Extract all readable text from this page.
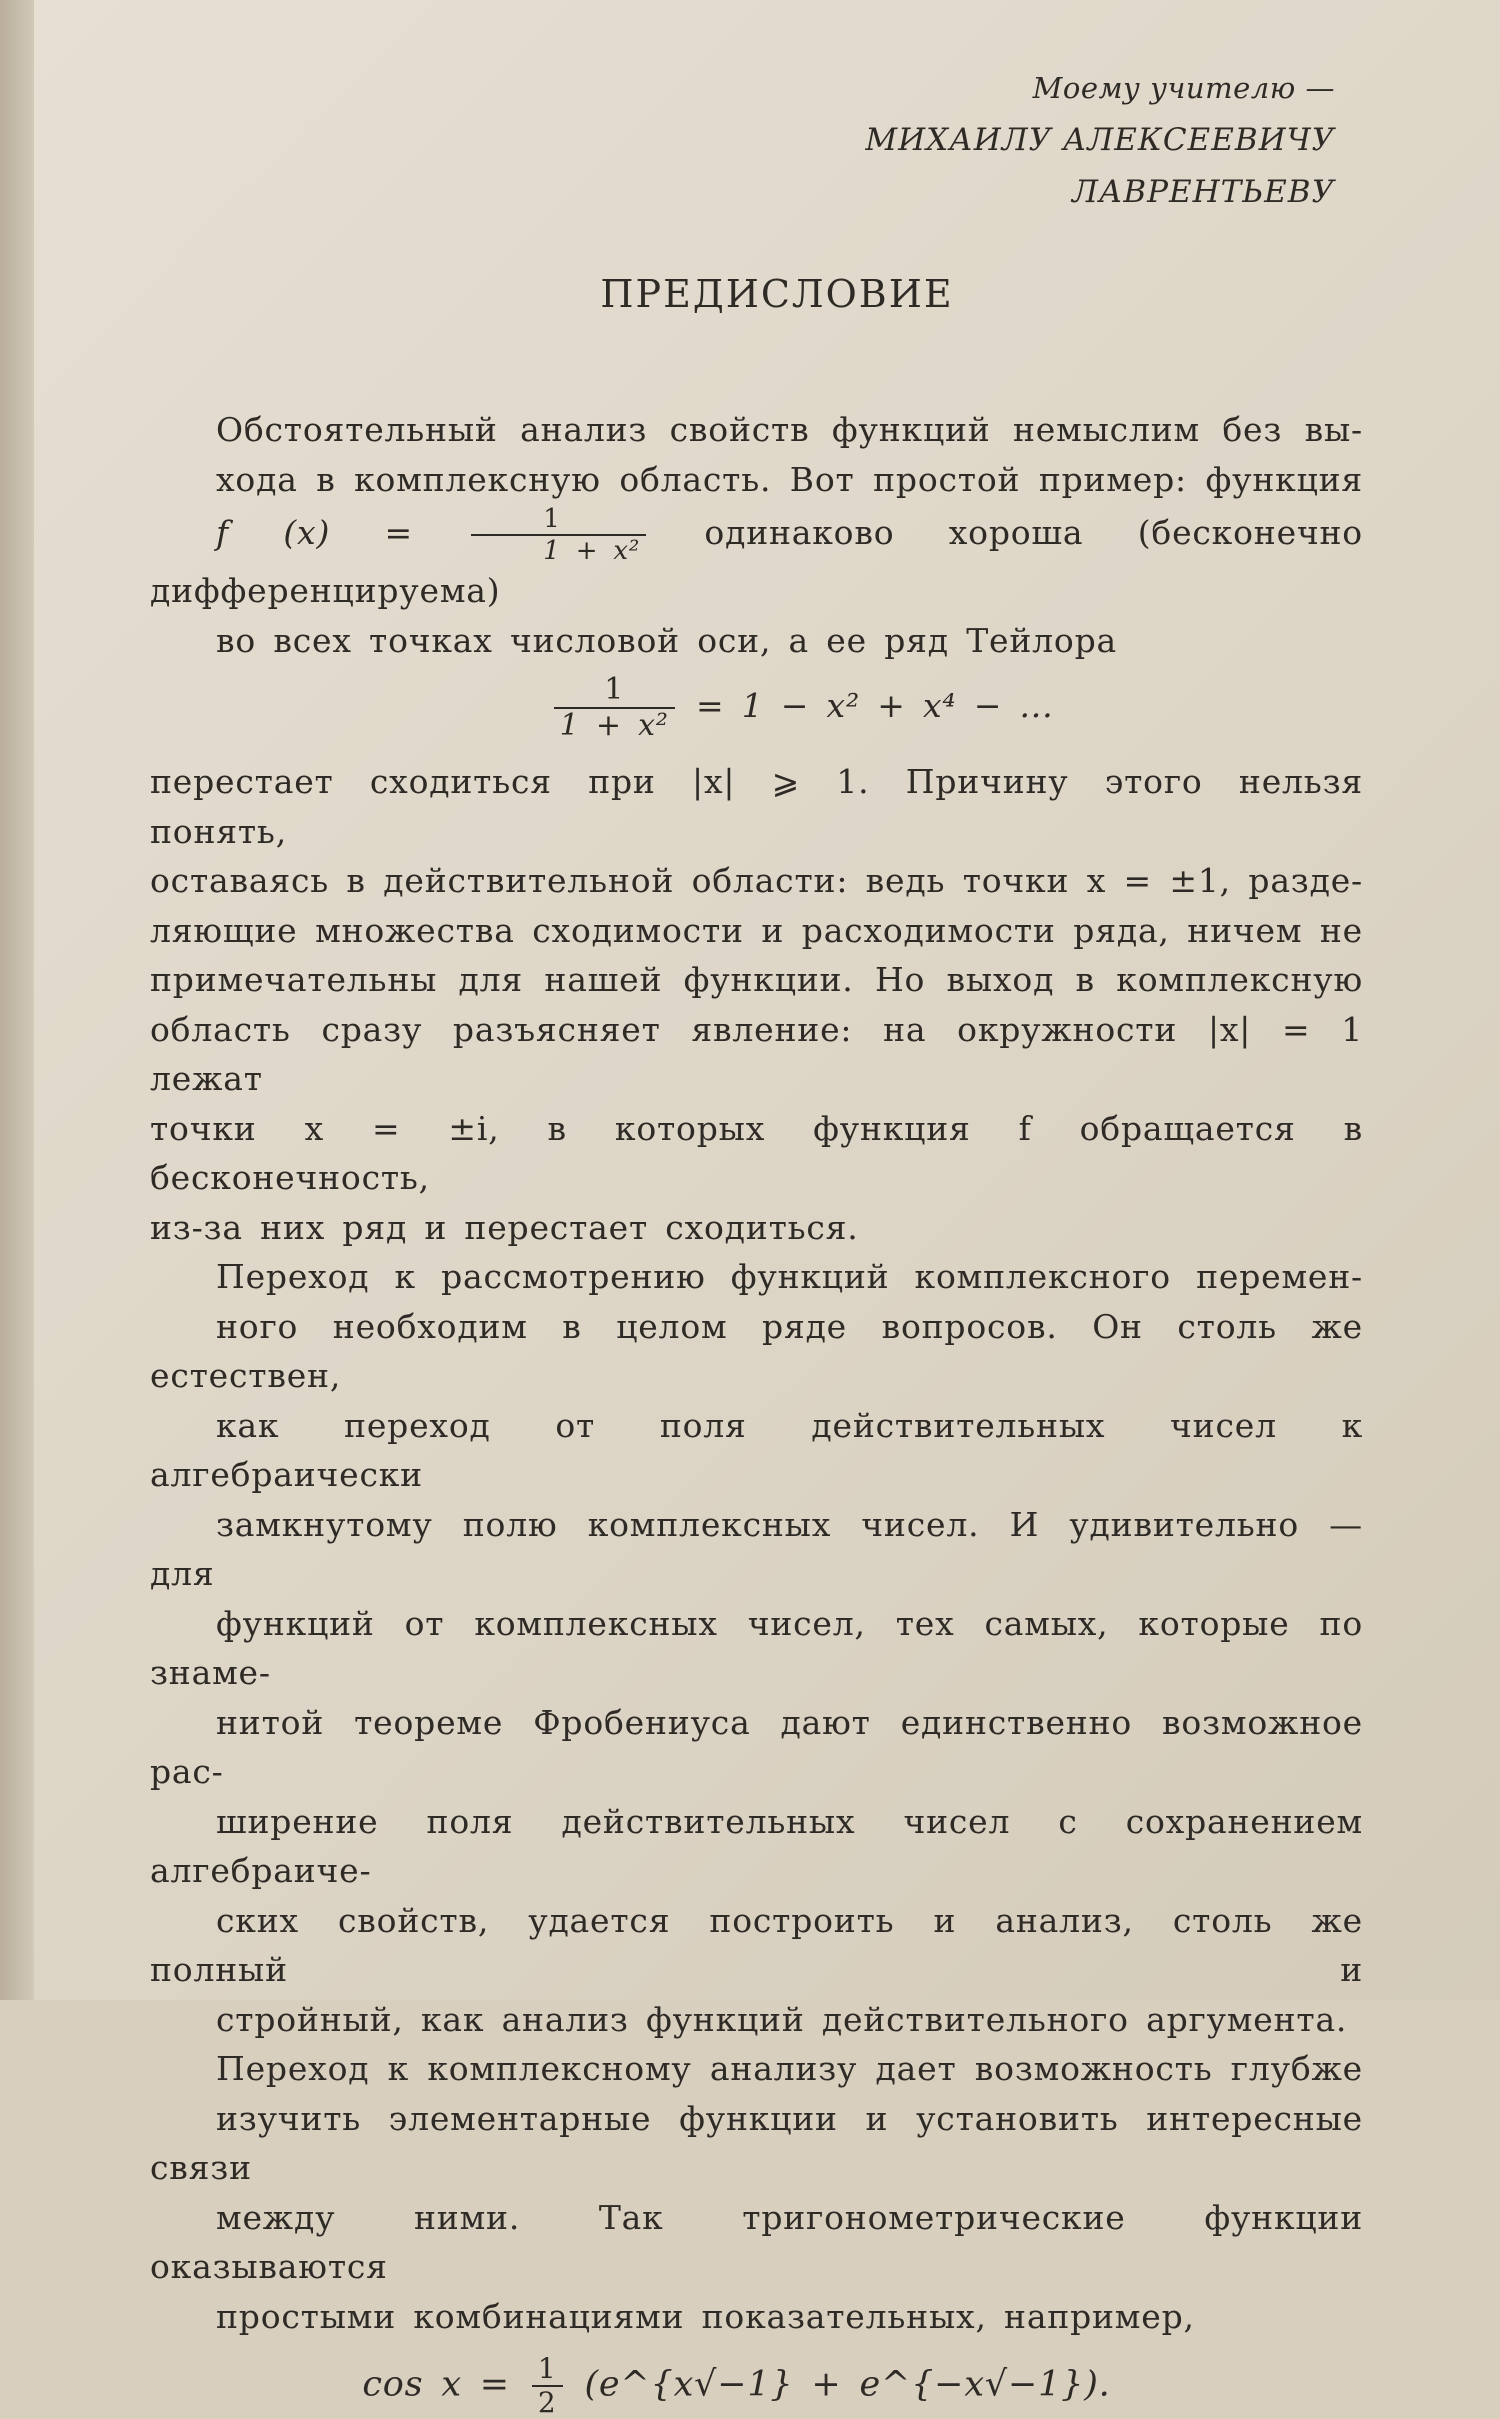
Моему учителю —
МИХАИЛУ АЛЕКСЕЕВИЧУ
ЛАВРЕНТЬЕВУ
ПРЕДИСЛОВИЕ
Обстоятельный анализ свойств функций немыслим без вы-
хода в комплексную область. Вот простой пример: функция
f $(x) = \frac{1}{\text{1 + x²}}$ одинаково хороша (бесконечно дифференцируема)
во всех точках числовой оси, а ее ряд Тейлора
$\frac{1}{\text{1 + x²}} = 1 - x^2 + x^4$ − ...
перестает сходиться при |x| ⩾ 1. Причину этого нельзя понять,
оставаясь в действительной области: ведь точки x = ±1, разде-
ляющие множества сходимости и расходимости ряда, ничем не
примечательны для нашей функции. Но выход в комплексную
область сразу разъясняет явление: на окружности |x| = 1 лежат
точки x = ±i, в которых функция f обращается в бесконечность,
из-за них ряд и перестает сходиться.
Переход к рассмотрению функций комплексного перемен-
ного необходим в целом ряде вопросов. Он столь же естествен,
как переход от поля действительных чисел к алгебраически
замкнутому полю комплексных чисел. И удивительно — для
функций от комплексных чисел, тех самых, которые по знаме-
нитой теореме Фробениуса дают единственно возможное рас-
ширение поля действительных чисел с сохранением алгебраиче-
ских свойств, удается построить и анализ, столь же полный и
стройный, как анализ функций действительного аргумента.
Переход к комплексному анализу дает возможность глубже
изучить элементарные функции и установить интересные связи
между ними. Так тригонометрические функции оказываются
простыми комбинациями показательных, например,
$\cos x = \frac{1}{2}$ (e^{x√−1} + e^{−x√−1}).
